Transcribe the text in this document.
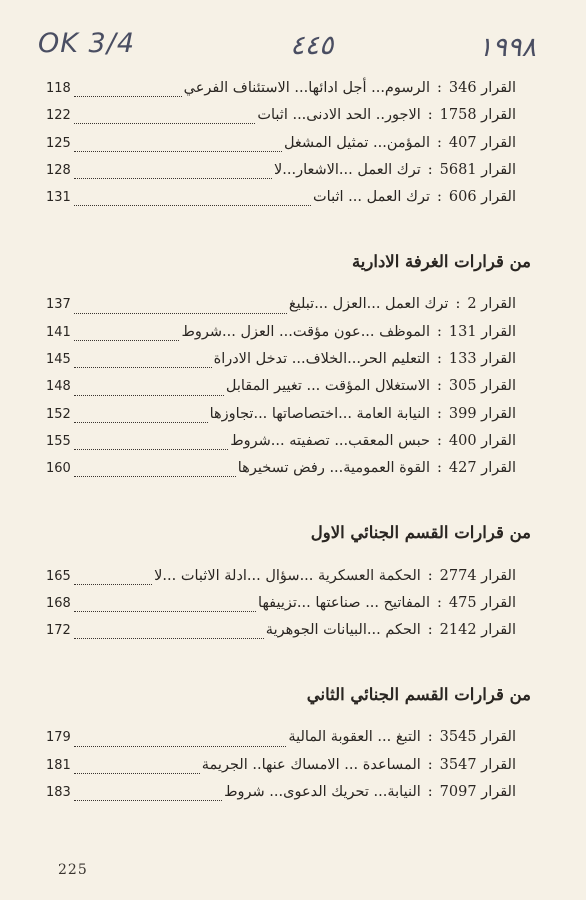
OK 3/4	٤٤٥	١٩٩٨
القرار 346
:
الرسوم... أجل ادائها... الاستئناف الفرعي
118
القرار 1758
:
الاجور.. الحد الادنى... اثبات
122
القرار 407
:
المؤمن... تمثيل المشغل
125
القرار 5681
:
ترك العمل ...الاشعار...لا
128
القرار 606
:
ترك العمل ... اثبات
131
من قرارات الغرفة الادارية
القرار 2
:
ترك العمل ...العزل ...تبليغ
137
القرار 131
:
الموظف ...عون مؤقت... العزل ...شروط
141
القرار 133
:
التعليم الحر...الخلاف... تدخل الادراة
145
القرار 305
:
الاستغلال المؤقت ... تغيير المقابل
148
القرار 399
:
النيابة العامة ...اختصاصاتها ...تجاوزها
152
القرار 400
:
حبس المعقب... تصفيته ...شروط
155
القرار 427
:
القوة العمومية... رفض تسخيرها
160
من قرارات القسم الجنائي الاول
القرار 2774
:
الحكمة العسكرية ...سؤال ...ادلة الاثبات ...لا
165
القرار 475
:
المفاتيح ... صناعتها ...تزييفها
168
القرار 2142
:
الحكم ...البيانات الجوهرية
172
من قرارات القسم الجنائي الثاني
القرار 3545
:
التبغ ... العقوبة المالية
179
القرار 3547
:
المساعدة ... الامساك عنها.. الجريمة
181
القرار 7097
:
النيابة... تحريك الدعوى... شروط
183
225
